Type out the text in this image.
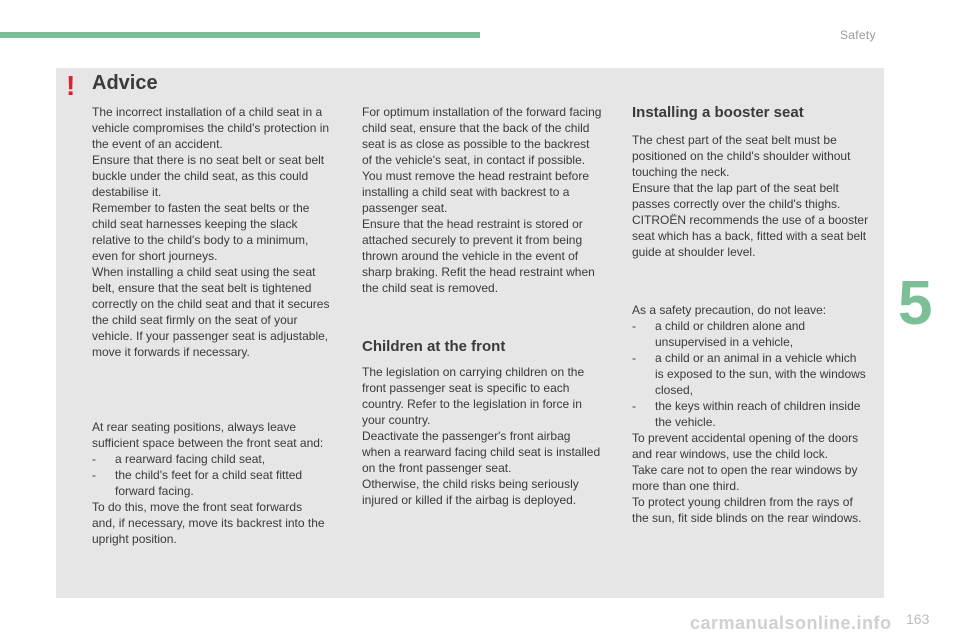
Safety
5
! Advice

The incorrect installation of a child seat in a

vehicle compromises the child's protection in

the event of an accident.

Ensure that there is no seat belt or seat belt

buckle under the child seat, as this could

destabilise it.

Remember to fasten the seat belts or the

child seat harnesses keeping the slack

relative to the child's body to a minimum,

even for short journeys.

When installing a child seat using the seat

belt, ensure that the seat belt is tightened

correctly on the child seat and that it secures

the child seat firmly on the seat of your

vehicle. If your passenger seat is adjustable,

move it forwards if necessary.

At rear seating positions, always leave

sufficient space between the front seat and:

- a rearward facing child seat,

- the child's feet for a child seat fitted

forward facing.

To do this, move the front seat forwards

and, if necessary, move its backrest into the

upright position.

For optimum installation of the forward facing

child seat, ensure that the back of the child

seat is as close as possible to the backrest

of the vehicle's seat, in contact if possible.

You must remove the head restraint before

installing a child seat with backrest to a

passenger seat.

Ensure that the head restraint is stored or

attached securely to prevent it from being

thrown around the vehicle in the event of

sharp braking. Refit the head restraint when

the child seat is removed.

Children at the front

The legislation on carrying children on the

front passenger seat is specific to each

country. Refer to the legislation in force in

your country.

Deactivate the passenger's front airbag

when a rearward facing child seat is installed

on the front passenger seat.

Otherwise, the child risks being seriously

injured or killed if the airbag is deployed.

Installing a booster seat

The chest part of the seat belt must be

positioned on the child's shoulder without

touching the neck.

Ensure that the lap part of the seat belt

passes correctly over the child's thighs.

CITROËN recommends the use of a booster

seat which has a back, fitted with a seat belt

guide at shoulder level.

As a safety precaution, do not leave:

- a child or children alone and

unsupervised in a vehicle,

- a child or an animal in a vehicle which

is exposed to the sun, with the windows

closed,

- the keys within reach of children inside

the vehicle.

To prevent accidental opening of the doors

and rear windows, use the child lock.

Take care not to open the rear windows by

more than one third.

To protect young children from the rays of

the sun, fit side blinds on the rear windows.

carmanualsonline.info 163
